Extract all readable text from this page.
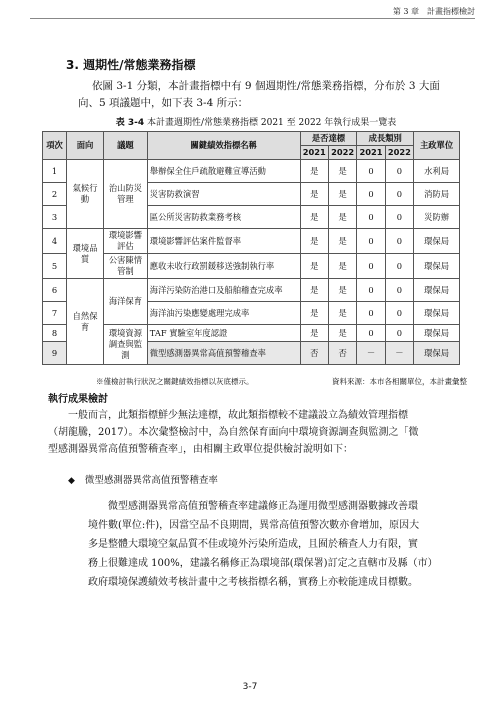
第 3 章　計畫指標檢討
3. 週期性/常態業務指標
依圖 3-1 分類，本計畫指標中有 9 個週期性/常態業務指標，分布於 3 大面
向、5 項議題中，如下表 3-4 所示：
表 3-4 本計畫週期性/常態業務指標 2021 至 2022 年執行成果一覽表
項次	面向	議題	關鍵績效指標名稱	是否達標		成長類別		主政單位
				2021	2022	2021	2022	
1	氣候行動	治山防災管理	舉辦保全住戶疏散避難宣導活動	是	是	0	0	水利局
2			災害防救演習	是	是	0	0	消防局
3			區公所災害防救業務考核	是	是	0	0	災防辦
4	環境品質	環境影響評估	環境影響評估案件監督率	是	是	0	0	環保局
5		公害陳情管制	應收未收行政罰鍰移送強制執行率	是	是	0	0	環保局
6	自然保育	海洋保育	海洋污染防治港口及船舶稽查完成率	是	是	0	0	環保局
7			海洋油污染應變處理完成率	是	是	0	0	環保局
8		環境資源調查與監測	TAF 實驗室年度認證	是	是	0	0	環保局
9			微型感測器異常高值預警稽查率	否	否	－	－	環保局
※僅檢討執行狀況之關鍵績效指標以灰底標示。	資料來源：本市各相關單位，本計畫彙整
執行成果檢討
　　一般而言，此類指標鮮少無法達標，故此類指標較不建議設立為績效管理指標
（胡龍騰，2017）。本次彙整檢討中，為自然保育面向中環境資源調查與監測之「微
型感測器異常高值預警稽查率」，由相關主政單位提供檢討說明如下：
◆ 微型感測器異常高值預警稽查率
　　微型感測器異常高值預警稽查率建議修正為運用微型感測器數據改善環
境件數(單位:件)，因當空品不良期間，異常高值預警次數亦會增加，原因大
多是整體大環境空氣品質不佳或境外污染所造成，且囿於稽查人力有限，實
務上很難達成 100%，建議名稱修正為環境部(環保署)訂定之直轄市及縣（市）
政府環境保護績效考核計畫中之考核指標名稱，實務上亦較能達成目標數。
3-7
